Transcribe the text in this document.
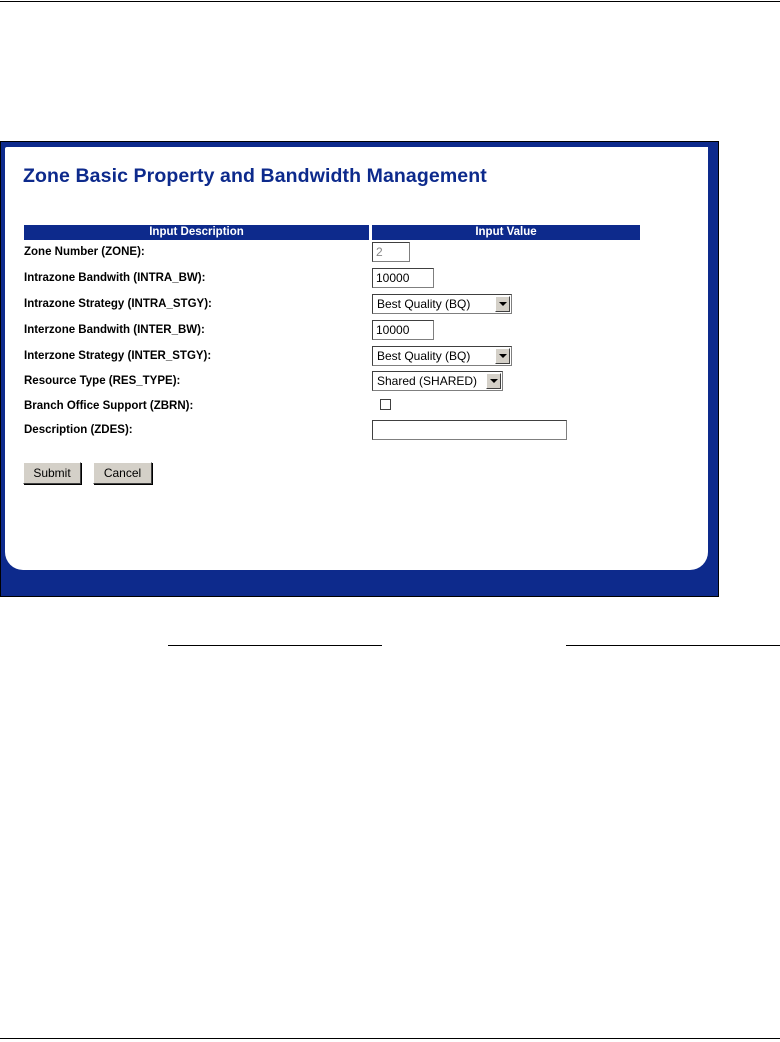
Zone Basic Property and Bandwidth Management
Input Description	Input Value
Zone Number (ZONE):
2
Intrazone Bandwith (INTRA_BW):
10000
Intrazone Strategy (INTRA_STGY):	Best Quality (BQ)
Interzone Bandwith (INTER_BW):
10000
Interzone Strategy (INTER_STGY):	Best Quality (BQ)
Resource Type (RES_TYPE):	Shared (SHARED)
Branch Office Support (ZBRN):
Description (ZDES):
Submit	Cancel
